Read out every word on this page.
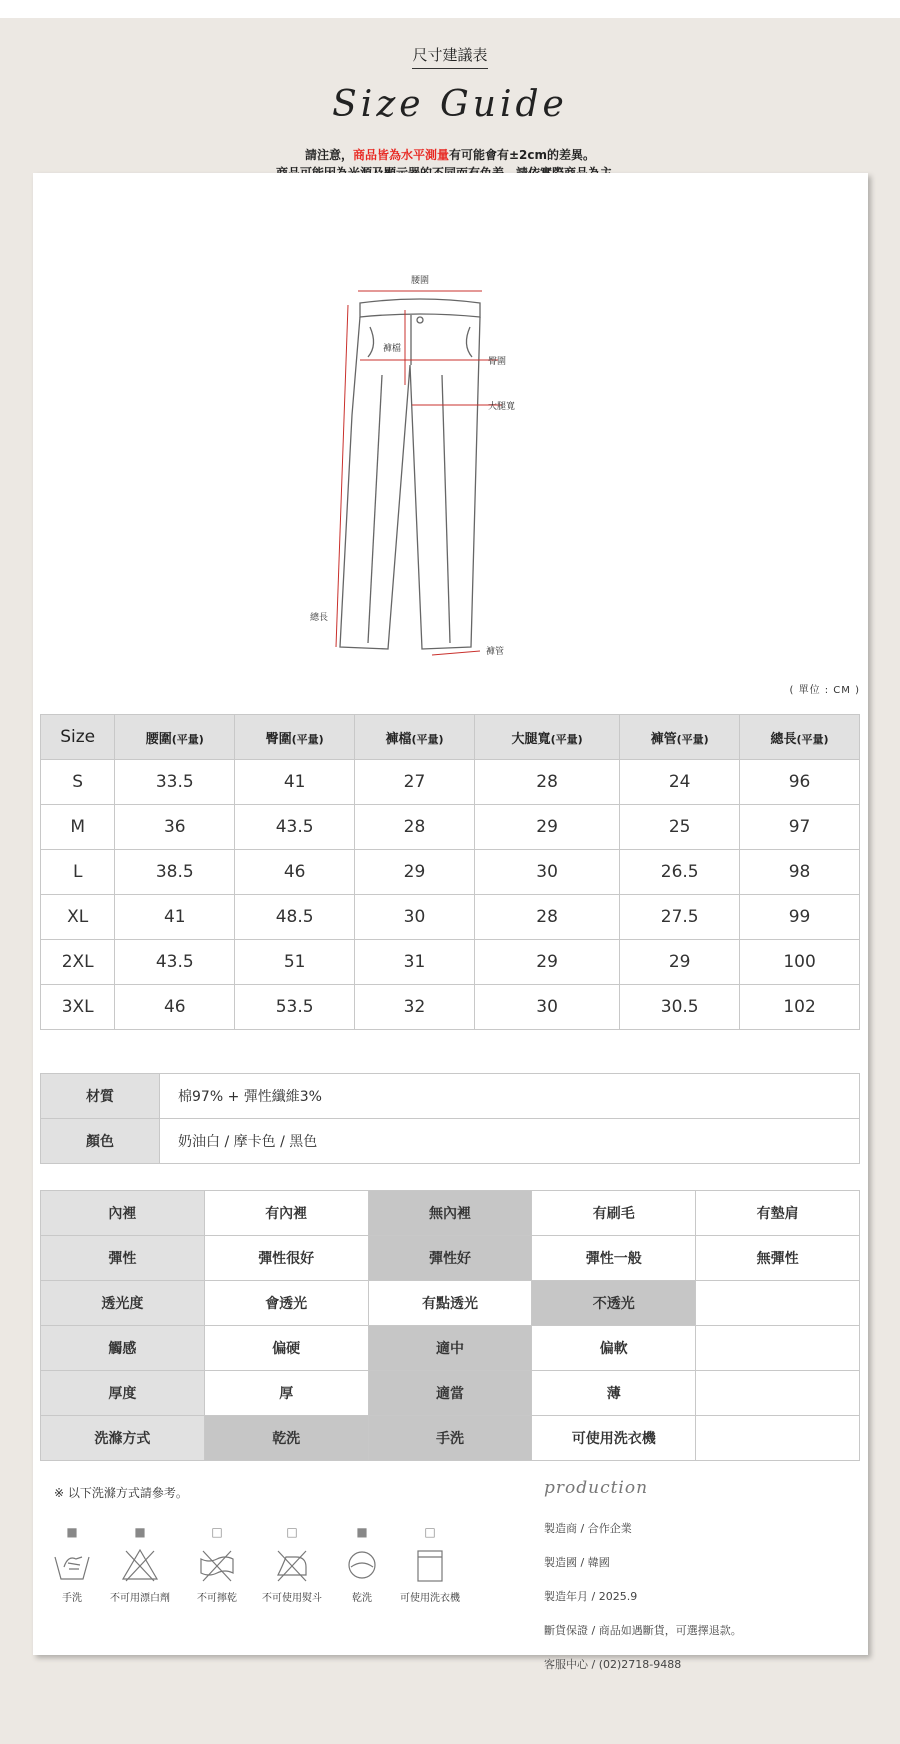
尺寸建議表
Size Guide
請注意，商品皆為水平測量有可能會有±2cm的差異。
腰圍
褲檔
臀圍
大腿寬
總長
褲管
( 單位 : CM )
Size	腰圍(平量)	臀圍(平量)	褲檔(平量)	大腿寬(平量)	褲管(平量)	總長(平量)
S	33.5	41	27	28	24	96
M	36	43.5	28	29	25	97
L	38.5	46	29	30	26.5	98
XL	41	48.5	30	28	27.5	99
2XL	43.5	51	31	29	29	100
3XL	46	53.5	32	30	30.5	102
材質	棉97% + 彈性纖維3%
顏色	奶油白 / 摩卡色 / 黑色
內裡	有內裡	無內裡	有刷毛	有墊肩
彈性	彈性很好	彈性好	彈性一般	無彈性
透光度	會透光	有點透光	不透光	
觸感	偏硬	適中	偏軟	
厚度	厚	適當	薄	
洗滌方式	乾洗	手洗	可使用洗衣機	
※ 以下洗滌方式請參考。
■
手洗
■
不可用漂白劑
□
不可擰乾
□
不可使用熨斗
■
乾洗
□
可使用洗衣機
production
製造商 / 合作企業
製造國 / 韓國
製造年月 / 2025.9
斷貨保證 / 商品如遇斷貨，可選擇退款。
客服中心 / (02)2718-9488
